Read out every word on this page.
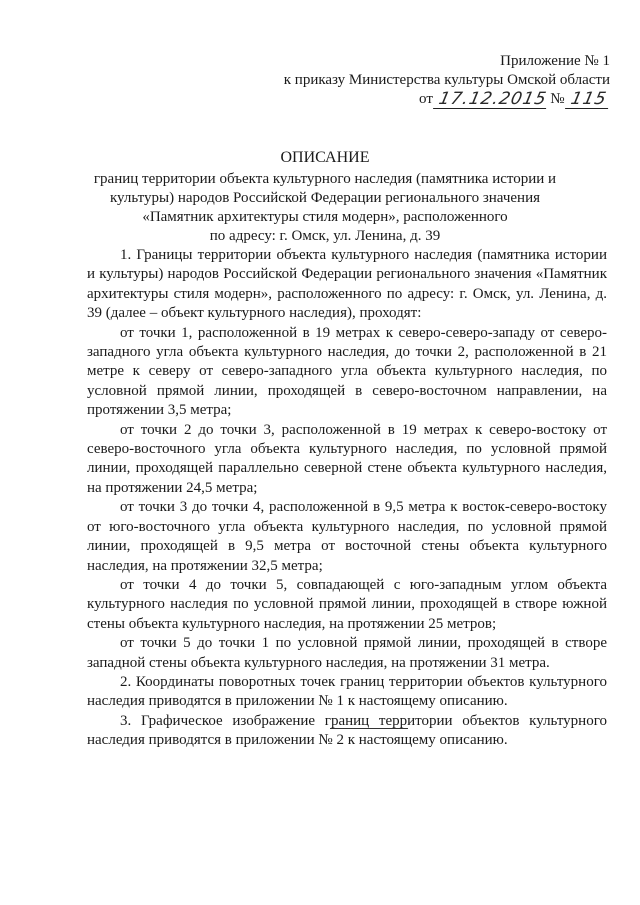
Приложение № 1
к приказу Министерства культуры Омской области
от 17.12.2015 № 115
ОПИСАНИЕ
границ территории объекта культурного наследия (памятника истории и
культуры) народов Российской Федерации регионального значения
«Памятник архитектуры стиля модерн», расположенного
по адресу: г. Омск, ул. Ленина, д. 39

1. Границы территории объекта культурного наследия (памятника истории и культуры) народов Российской Федерации регионального значения «Памятник архитектуры стиля модерн», расположенного по адресу: г. Омск, ул. Ленина, д. 39 (далее – объект культурного наследия), проходят:

от точки 1, расположенной в 19 метрах к северо-северо-западу от северо-западного угла объекта культурного наследия, до точки 2, расположенной в 21 метре к северу от северо-западного угла объекта культурного наследия, по условной прямой линии, проходящей в северо-восточном направлении, на протяжении 3,5 метра;

от точки 2 до точки 3, расположенной в 19 метрах к северо-востоку от северо-восточного угла объекта культурного наследия, по условной прямой линии, проходящей параллельно северной стене объекта культурного наследия, на протяжении 24,5 метра;

от точки 3 до точки 4, расположенной в 9,5 метра к восток-северо-востоку от юго-восточного угла объекта культурного наследия, по условной прямой линии, проходящей в 9,5 метра от восточной стены объекта культурного наследия, на протяжении 32,5 метра;

от точки 4 до точки 5, совпадающей с юго-западным углом объекта культурного наследия по условной прямой линии, проходящей в створе южной стены объекта культурного наследия, на протяжении 25 метров;

от точки 5 до точки 1 по условной прямой линии, проходящей в створе западной стены объекта культурного наследия, на протяжении 31 метра.

2. Координаты поворотных точек границ территории объектов культурного наследия приводятся в приложении № 1 к настоящему описанию.

3. Графическое изображение границ территории объектов культурного наследия приводятся в приложении № 2 к настоящему описанию.
